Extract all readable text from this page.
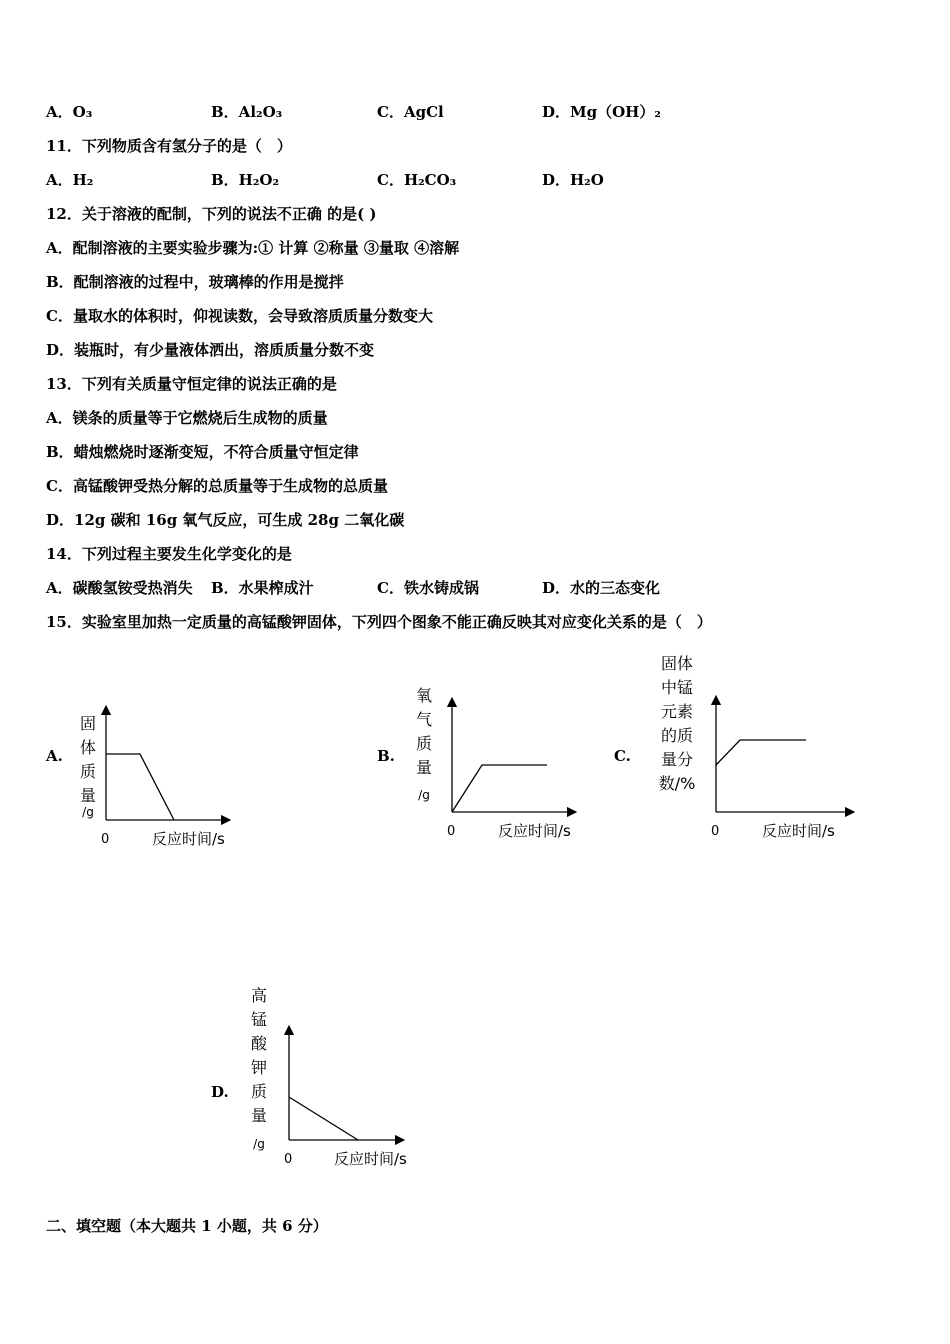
A．O₃	B．Al₂O₃	C．AgCl	D．Mg（OH）₂
11．下列物质含有氢分子的是（　）
A．H₂	B．H₂O₂	C．H₂CO₃	D．H₂O
12．关于溶液的配制，下列的说法不正确 的是( )
A．配制溶液的主要实验步骤为:① 计算 ②称量 ③量取 ④溶解
B．配制溶液的过程中，玻璃棒的作用是搅拌
C．量取水的体积时，仰视读数，会导致溶质质量分数变大
D．装瓶时，有少量液体洒出，溶质质量分数不变
13．下列有关质量守恒定律的说法正确的是
A．镁条的质量等于它燃烧后生成物的质量
B．蜡烛燃烧时逐渐变短，不符合质量守恒定律
C．高锰酸钾受热分解的总质量等于生成物的总质量
D．12g 碳和 16g 氧气反应，可生成 28g 二氧化碳
14．下列过程主要发生化学变化的是
A．碳酸氢铵受热消失 B．水果榨成汁	C．铁水铸成锅	D．水的三态变化
15．实验室里加热一定质量的高锰酸钾固体，下列四个图象不能正确反映其对应变化关系的是（　）
A.
固体质量
/g
0	反应时间/s
B.
氧气质量
/g
0	反应时间/s
C.
固体中锰元素的质量分数/%
0	反应时间/s
D.
高锰酸钾质量
/g
0	反应时间/s
二、填空题（本大题共 1 小题，共 6 分）
